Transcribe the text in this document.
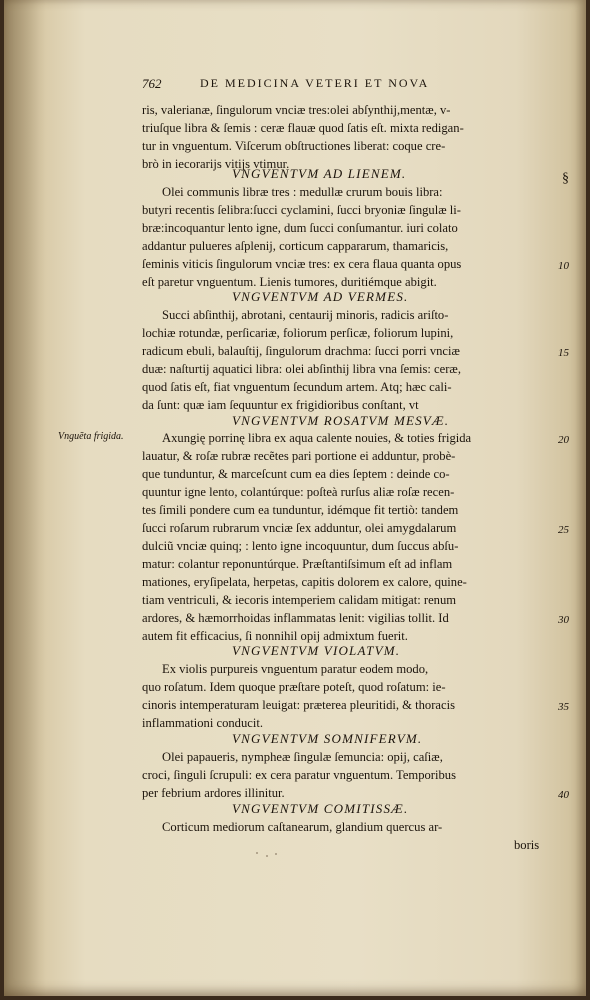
762	DE MEDICINA VETERI ET NOVA
ris, valerianæ, ſingulorum vnciæ tres:olei abſynthij,mentæ, v-
triuſque libra & ſemis : ceræ flauæ quod ſatis eſt. mixta redigan-
tur in vnguentum. Viſcerum obſtructiones liberat: coque cre-
brò in iecorarijs vitijs vtimur.
VNGVENTVM AD LIENEM.	§
Olei communis libræ tres : medullæ crurum bouis libra:
butyri recentis ſelibra:ſucci cyclamini, ſucci bryoniæ ſingulæ li-
bræ:incoquantur lento igne, dum ſucci conſumantur. iuri colato
addantur pulueres aſplenij, corticum cappararum, thamaricis,
ſeminis viticis ſingulorum vnciæ tres: ex cera flaua quanta opus	10
eſt paretur vnguentum. Lienis tumores, duritiémque abigit.
VNGVENTVM AD VERMES.
Succi abſinthij, abrotani, centaurij minoris, radicis ariſto-
lochiæ rotundæ, perſicariæ, foliorum perſicæ, foliorum lupini,
radicum ebuli, balauſtij, ſingulorum drachma: ſucci porri vnciæ	15
duæ: naſturtij aquatici libra: olei abſinthij libra vna ſemis: ceræ,
quod ſatis eſt, fiat vnguentum ſecundum artem. Atq; hæc cali-
da ſunt: quæ iam ſequuntur ex frigidioribus conſtant, vt
VNGVENTVM ROSATVM MESVÆ.
Vnguẽta frigida.	Axungię porrinę libra ex aqua calente nouies, & toties frigida	20
lauatur, & roſæ rubræ recẽtes pari portione ei adduntur, probè-
que tunduntur, & marceſcunt cum ea dies ſeptem : deinde co-
quuntur igne lento, colantúrque: poſteà rurſus aliæ roſæ recen-
tes ſimili pondere cum ea tunduntur, idémque fit tertiò: tandem
ſucci roſarum rubrarum vnciæ ſex adduntur, olei amygdalarum	25
dulciũ vnciæ quinq; : lento igne incoquuntur, dum ſuccus abſu-
matur: colantur reponuntúrque. Præſtantiſsimum eſt ad inflam
mationes, eryſipelata, herpetas, capitis dolorem ex calore, quine-
tiam ventriculi, & iecoris intemperiem calidam mitigat: renum
ardores, & hæmorrhoidas inflammatas lenit: vigilias tollit. Id	30
autem fit efficacius, ſi nonnihil opij admixtum fuerit.
VNGVENTVM VIOLATVM.
Ex violis purpureis vnguentum paratur eodem modo,
quo roſatum. Idem quoque præſtare poteſt, quod roſatum: ie-
cinoris intemperaturam leuigat: præterea pleuritidi, & thoracis	35
inflammationi conducit.
VNGVENTVM SOMNIFERVM.
Olei papaueris, nympheæ ſingulæ ſemuncia: opij, caſiæ,
croci, ſinguli ſcrupuli: ex cera paratur vnguentum. Temporibus
per febrium ardores illinitur.	40
VNGVENTVM COMITISSÆ.
Corticum mediorum caſtanearum, glandium quercus ar-
boris
